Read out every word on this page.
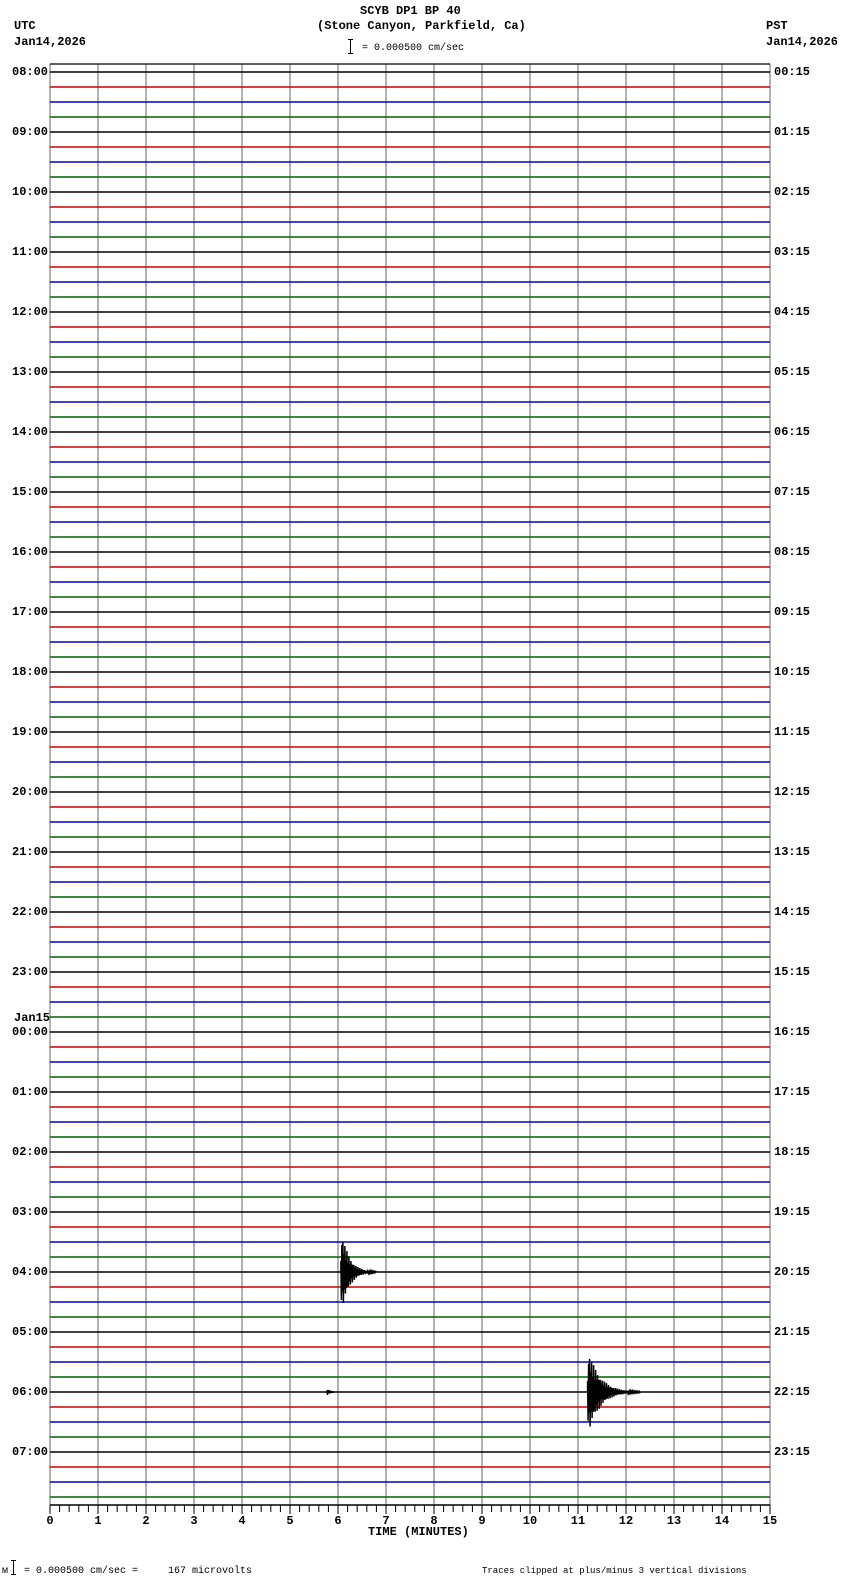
SCYB DP1 BP 40
(Stone Canyon, Parkfield, Ca)
UTC
Jan14,2026
PST
Jan14,2026
= 0.000500 cm/sec
0	1	2	3	4	5	6	7	8	9	10	11	12	13	14	15
08:00
09:00
10:00
11:00
12:00
13:00
14:00
15:00
16:00
17:00
18:00
19:00
20:00
21:00
22:00
23:00
00:00
Jan15
01:00
02:00
03:00
04:00
05:00
06:00
07:00
00:15
01:15
02:15
03:15
04:15
05:15
06:15
07:15
08:15
09:15
10:15
11:15
12:15
13:15
14:15
15:15
16:15
17:15
18:15
19:15
20:15
21:15
22:15
23:15
TIME (MINUTES)
м = 0.000500 cm/sec =     167 microvolts	Traces clipped at plus/minus 3 vertical divisions
